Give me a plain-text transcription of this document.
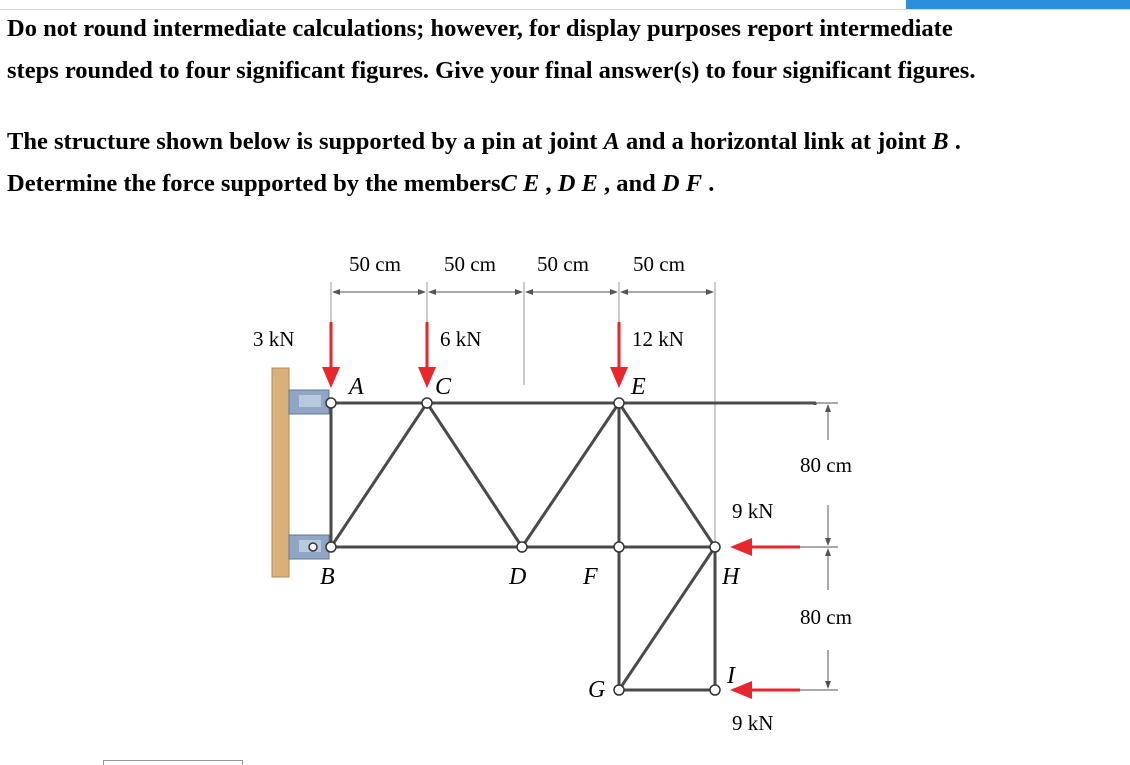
Do not round intermediate calculations; however, for display purposes report intermediate
steps rounded to four significant figures. Give your final answer(s) to four significant figures.

The structure shown below is supported by a pin at joint A and a horizontal link at joint B .
Determine the force supported by the membersC E , D E , and D F .

50 cm 50 cm 50 cm 50 cm
80 cm
80 cm
3 kN	6 kN	12 kN
9 kN
9 kN
A
B
C
D
E
F
G
H
I
